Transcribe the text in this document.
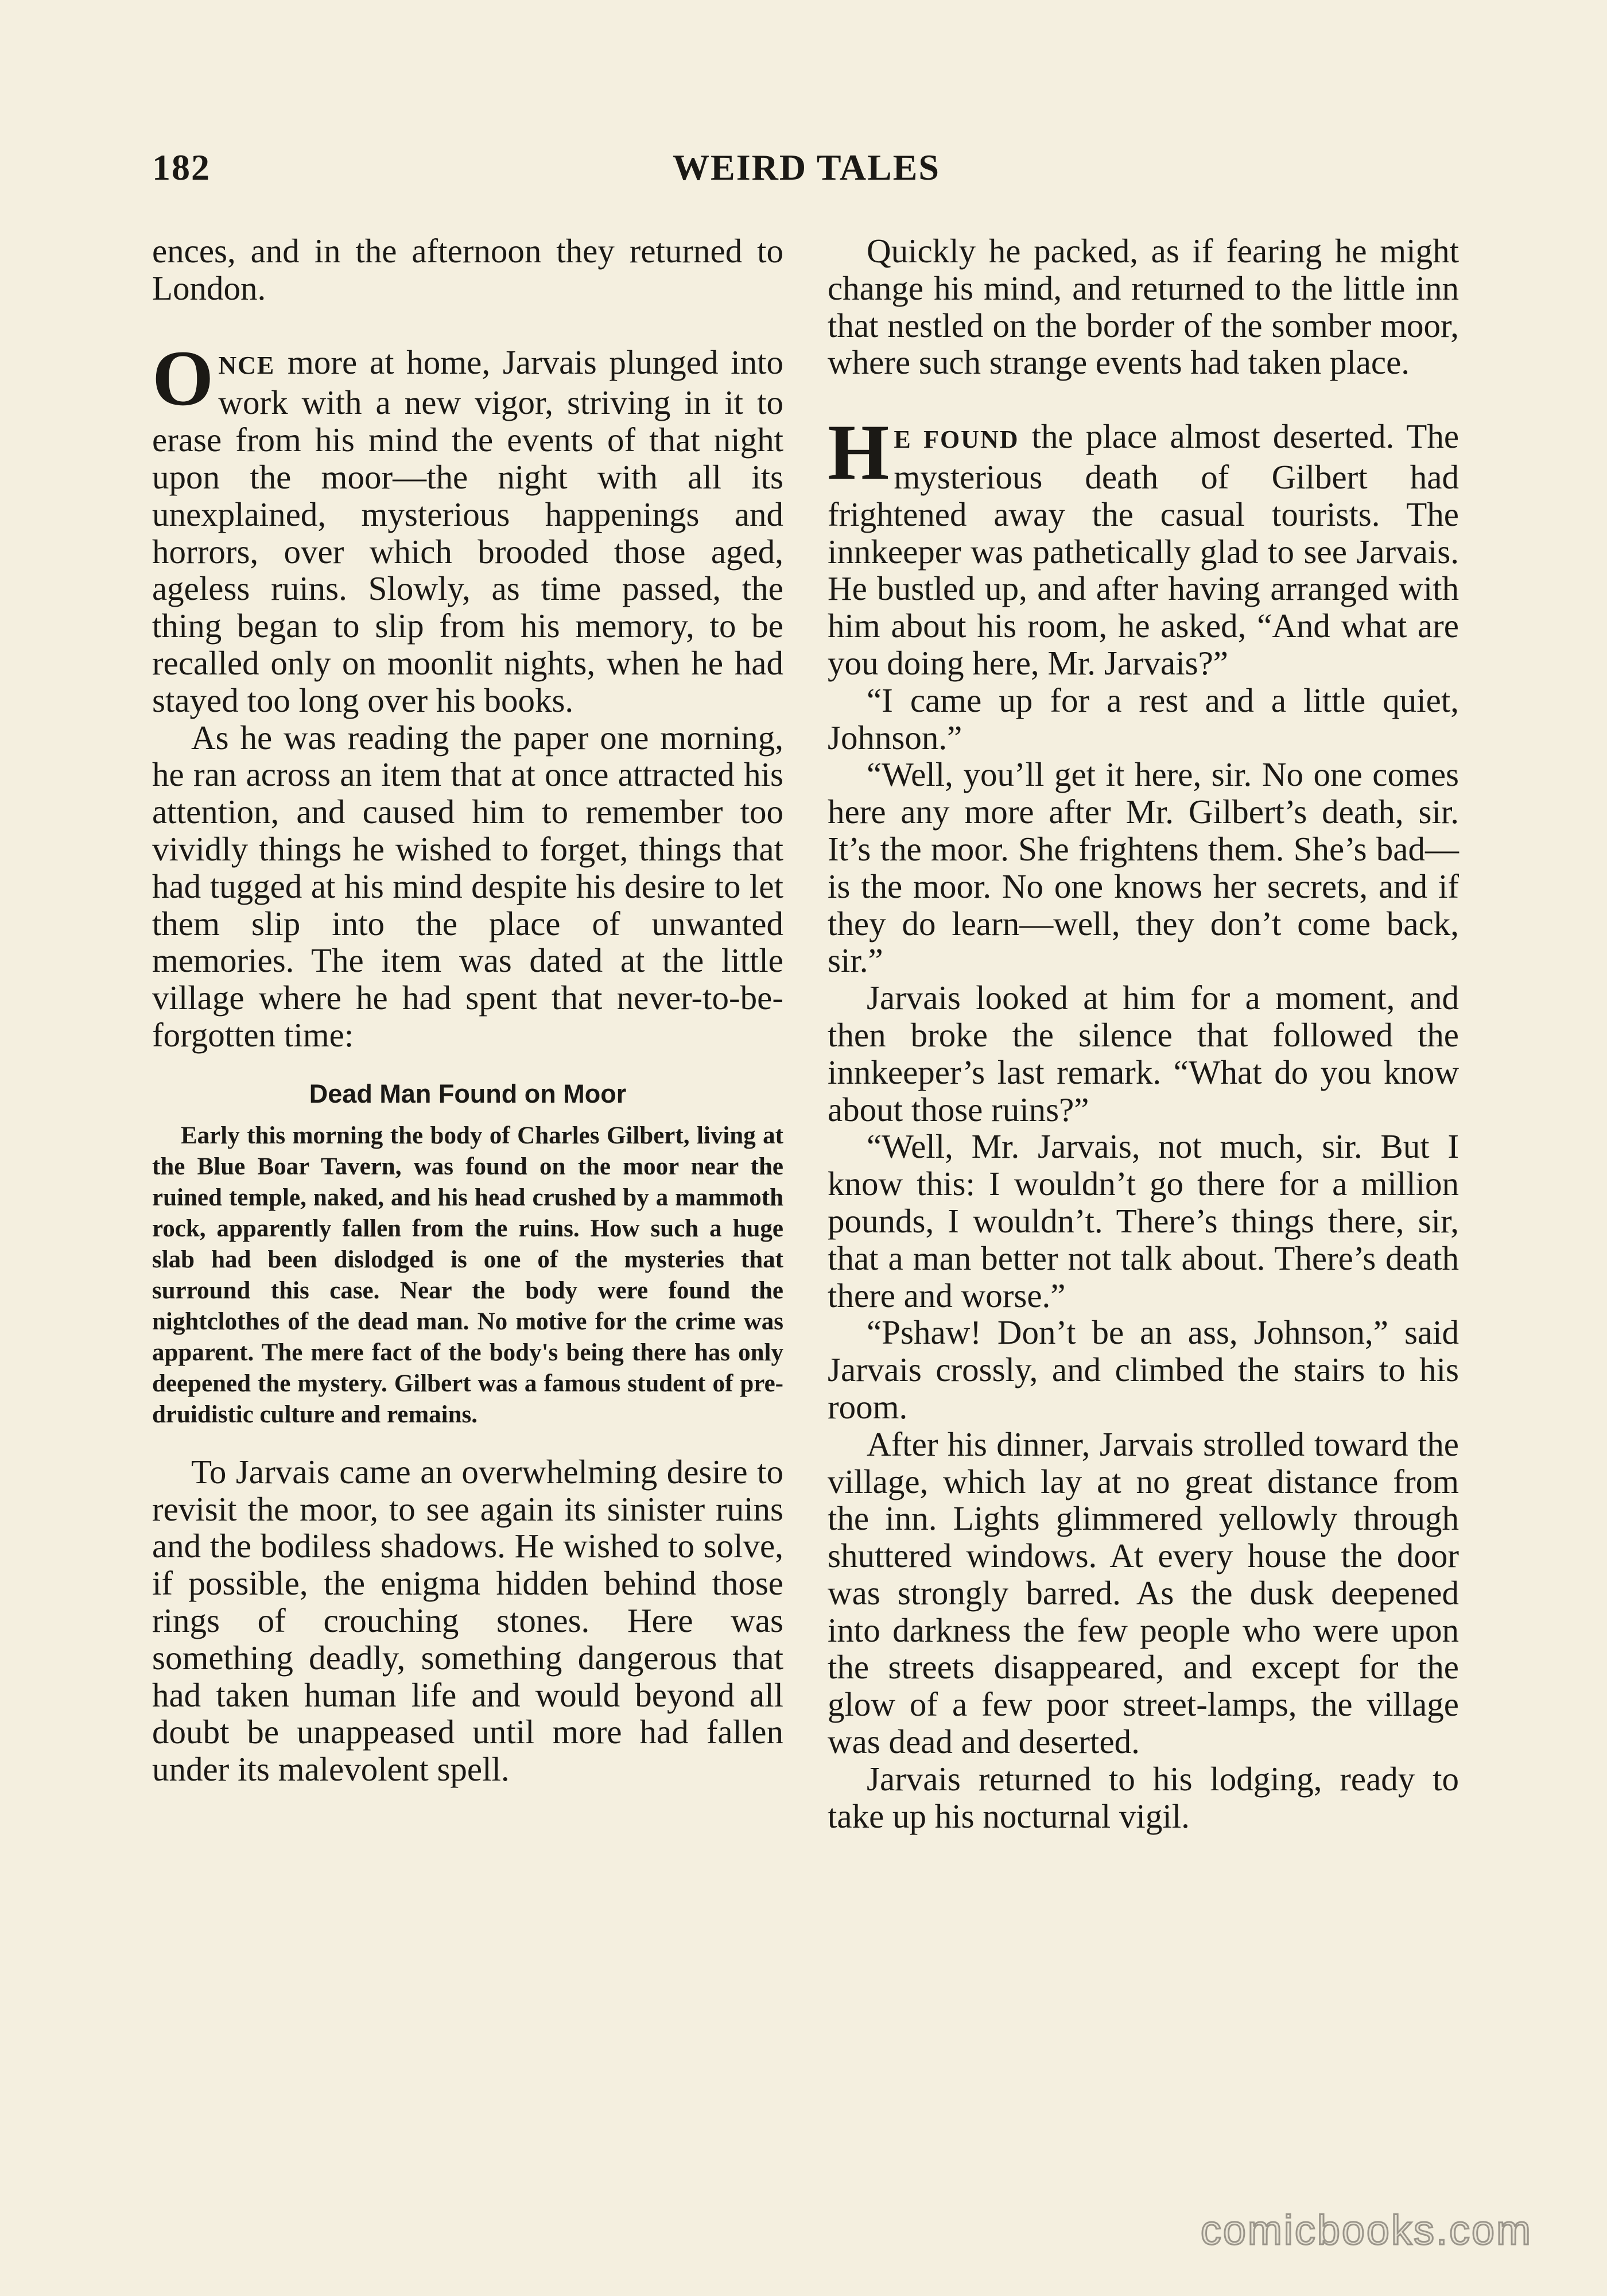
182	WEIRD TALES

ences, and in the afternoon they returned to London.

ONCE more at home, Jarvais plunged into work with a new vigor, striving in it to erase from his mind the events of that night upon the moor—the night with all its unexplained, mysterious happenings and horrors, over which brooded those aged, ageless ruins. Slowly, as time passed, the thing began to slip from his memory, to be recalled only on moonlit nights, when he had stayed too long over his books.

As he was reading the paper one morning, he ran across an item that at once attracted his attention, and caused him to remember too vividly things he wished to forget, things that had tugged at his mind despite his desire to let them slip into the place of unwanted memories. The item was dated at the little village where he had spent that never-to-be-forgotten time:

Dead Man Found on Moor

Early this morning the body of Charles Gilbert, living at the Blue Boar Tavern, was found on the moor near the ruined temple, naked, and his head crushed by a mammoth rock, apparently fallen from the ruins. How such a huge slab had been dislodged is one of the mysteries that surround this case. Near the body were found the nightclothes of the dead man. No motive for the crime was apparent. The mere fact of the body's being there has only deepened the mystery. Gilbert was a famous student of pre-druidistic culture and remains.

To Jarvais came an overwhelming desire to revisit the moor, to see again its sinister ruins and the bodiless shadows. He wished to solve, if possible, the enigma hidden behind those rings of crouching stones. Here was something deadly, something dangerous that had taken human life and would beyond all doubt be unappeased until more had fallen under its malevolent spell.

Quickly he packed, as if fearing he might change his mind, and returned to the little inn that nestled on the border of the somber moor, where such strange events had taken place.

H E FOUND the place almost deserted. The mysterious death of Gilbert had frightened away the casual tourists. The innkeeper was pathetically glad to see Jarvais. He bustled up, and after having arranged with him about his room, he asked, “And what are you doing here, Mr. Jarvais?”

“I came up for a rest and a little quiet, Johnson.”

“Well, you’ll get it here, sir. No one comes here any more after Mr. Gilbert’s death, sir. It’s the moor. She frightens them. She’s bad—is the moor. No one knows her secrets, and if they do learn—well, they don’t come back, sir.”

Jarvais looked at him for a moment, and then broke the silence that followed the innkeeper’s last remark. “What do you know about those ruins?”

“Well, Mr. Jarvais, not much, sir. But I know this: I wouldn’t go there for a million pounds, I wouldn’t. There’s things there, sir, that a man better not talk about. There’s death there and worse.”

“Pshaw! Don’t be an ass, Johnson,” said Jarvais crossly, and climbed the stairs to his room.

After his dinner, Jarvais strolled toward the village, which lay at no great distance from the inn. Lights glimmered yellowly through shuttered windows. At every house the door was strongly barred. As the dusk deepened into darkness the few people who were upon the streets disappeared, and except for the glow of a few poor street-lamps, the village was dead and deserted.

Jarvais returned to his lodging, ready to take up his nocturnal vigil.

comicbooks.com
